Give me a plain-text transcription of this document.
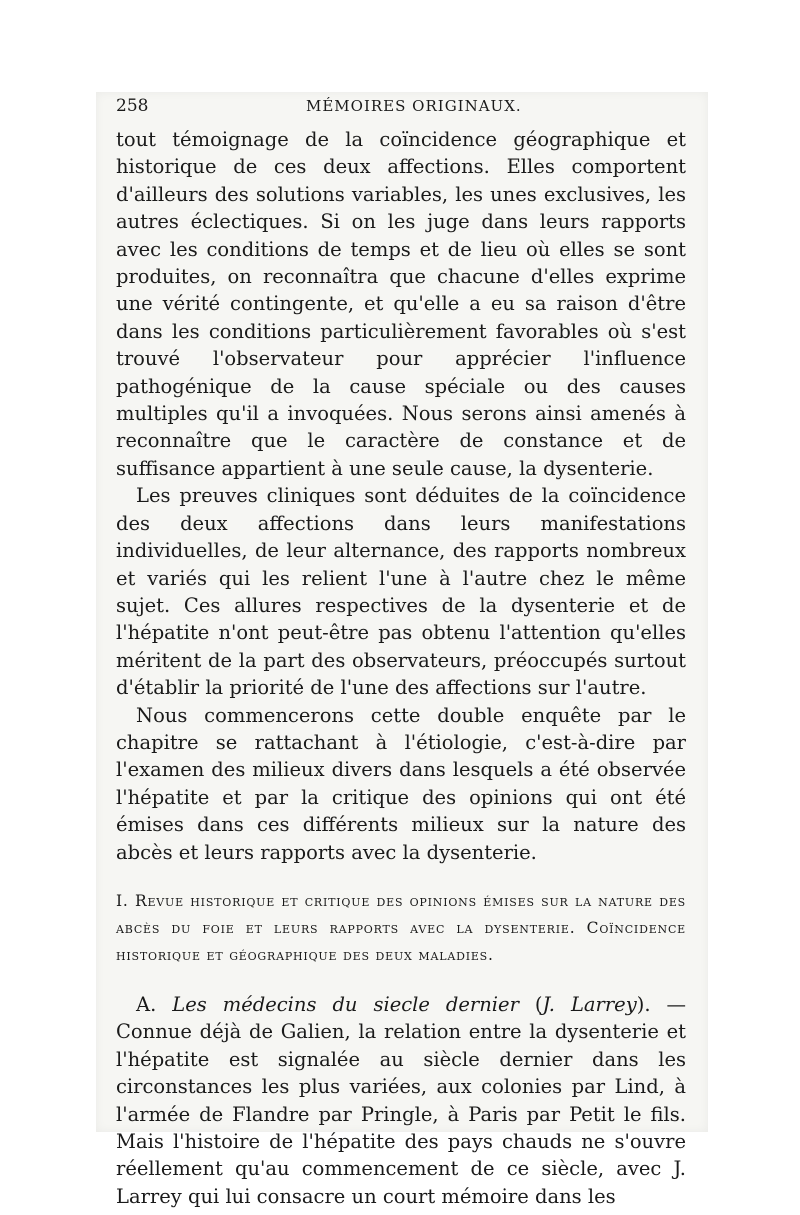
258	MÉMOIRES ORIGINAUX.

tout témoignage de la coïncidence géographique et historique de ces deux affections. Elles comportent d'ailleurs des solutions variables, les unes exclusives, les autres éclectiques. Si on les juge dans leurs rapports avec les conditions de temps et de lieu où elles se sont produites, on reconnaîtra que chacune d'elles exprime une vérité contingente, et qu'elle a eu sa raison d'être dans les conditions particulièrement favorables où s'est trouvé l'observateur pour apprécier l'influence pathogénique de la cause spéciale ou des causes multiples qu'il a invoquées. Nous serons ainsi amenés à reconnaître que le caractère de constance et de suffisance appartient à une seule cause, la dysenterie.

Les preuves cliniques sont déduites de la coïncidence des deux affections dans leurs manifestations individuelles, de leur alternance, des rapports nombreux et variés qui les relient l'une à l'autre chez le même sujet. Ces allures respectives de la dysenterie et de l'hépatite n'ont peut-être pas obtenu l'attention qu'elles méritent de la part des observateurs, préoccupés surtout d'établir la priorité de l'une des affections sur l'autre.

Nous commencerons cette double enquête par le chapitre se rattachant à l'étiologie, c'est-à-dire par l'examen des milieux divers dans lesquels a été observée l'hépatite et par la critique des opinions qui ont été émises dans ces différents milieux sur la nature des abcès et leurs rapports avec la dysenterie.

I. Revue historique et critique des opinions émises sur la nature des abcès du foie et leurs rapports avec la dysenterie. Coïncidence historique et géographique des deux maladies.

A. Les médecins du siecle dernier (J. Larrey). — Connue déjà de Galien, la relation entre la dysenterie et l'hépatite est signalée au siècle dernier dans les circonstances les plus variées, aux colonies par Lind, à l'armée de Flandre par Pringle, à Paris par Petit le fils. Mais l'histoire de l'hépatite des pays chauds ne s'ouvre réellement qu'au commencement de ce siècle, avec J. Larrey qui lui consacre un court mémoire dans les
